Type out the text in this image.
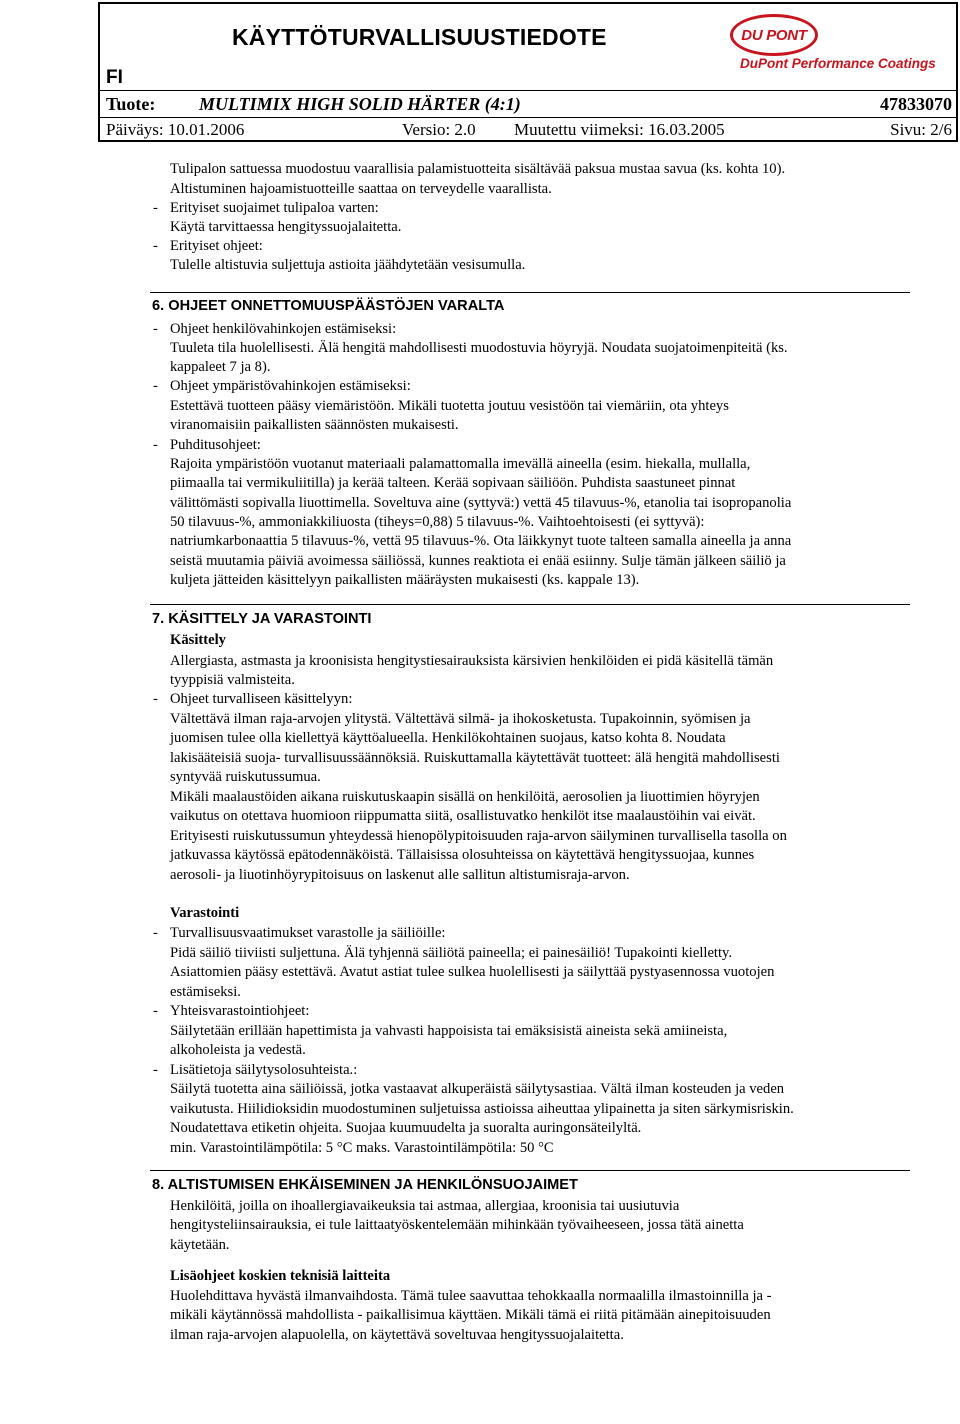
KÄYTTÖTURVALLISUUSTIEDOTE
FI
DU PONT
DuPont Performance Coatings
Tuote: MULTIMIX HIGH SOLID HÄRTER (4:1)	47833070
Päiväys: 10.01.2006	Versio: 2.0 Muutettu viimeksi: 16.03.2005	Sivu: 2/6
Tulipalon sattuessa muodostuu vaarallisia palamistuotteita sisältävää paksua mustaa savua (ks. kohta 10).
Altistuminen hajoamistuotteille saattaa on terveydelle vaarallista.
- Erityiset suojaimet tulipaloa varten:
Käytä tarvittaessa hengityssuojalaitetta.
- Erityiset ohjeet:
Tulelle altistuvia suljettuja astioita jäähdytetään vesisumulla.
6. OHJEET ONNETTOMUUSPÄÄSTÖJEN VARALTA
- Ohjeet henkilövahinkojen estämiseksi:
Tuuleta tila huolellisesti. Älä hengitä mahdollisesti muodostuvia höyryjä. Noudata suojatoimenpiteitä (ks.
kappaleet 7 ja 8).
- Ohjeet ympäristövahinkojen estämiseksi:
Estettävä tuotteen pääsy viemäristöön. Mikäli tuotetta joutuu vesistöön tai viemäriin, ota yhteys
viranomaisiin paikallisten säännösten mukaisesti.
- Puhditusohjeet:
Rajoita ympäristöön vuotanut materiaali palamattomalla imevällä aineella (esim. hiekalla, mullalla,
piimaalla tai vermikuliitilla) ja kerää talteen. Kerää sopivaan säiliöön. Puhdista saastuneet pinnat
välittömästi sopivalla liuottimella. Soveltuva aine (syttyvä:) vettä 45 tilavuus-%, etanolia tai isopropanolia
50 tilavuus-%, ammoniakkiliuosta (tiheys=0,88) 5 tilavuus-%. Vaihtoehtoisesti (ei syttyvä):
natriumkarbonaattia 5 tilavuus-%, vettä 95 tilavuus-%. Ota läikkynyt tuote talteen samalla aineella ja anna
seistä muutamia päiviä avoimessa säiliössä, kunnes reaktiota ei enää esiinny. Sulje tämän jälkeen säiliö ja
kuljeta jätteiden käsittelyyn paikallisten määräysten mukaisesti (ks. kappale 13).
7. KÄSITTELY JA VARASTOINTI
Käsittely
Allergiasta, astmasta ja kroonisista hengitystiesairauksista kärsivien henkilöiden ei pidä käsitellä tämän
tyyppisiä valmisteita.
- Ohjeet turvalliseen käsittelyyn:
Vältettävä ilman raja-arvojen ylitystä. Vältettävä silmä- ja ihokosketusta. Tupakoinnin, syömisen ja
juomisen tulee olla kiellettyä käyttöalueella. Henkilökohtainen suojaus, katso kohta 8. Noudata
lakisääteisiä suoja- turvallisuussäännöksiä. Ruiskuttamalla käytettävät tuotteet: älä hengitä mahdollisesti
syntyvää ruiskutussumua.
Mikäli maalaustöiden aikana ruiskutuskaapin sisällä on henkilöitä, aerosolien ja liuottimien höyryjen
vaikutus on otettava huomioon riippumatta siitä, osallistuvatko henkilöt itse maalaustöihin vai eivät.
Erityisesti ruiskutussumun yhteydessä hienopölypitoisuuden raja-arvon säilyminen turvallisella tasolla on
jatkuvassa käytössä epätodennäköistä. Tällaisissa olosuhteissa on käytettävä hengityssuojaa, kunnes
aerosoli- ja liuotinhöyrypitoisuus on laskenut alle sallitun altistumisraja-arvon.
Varastointi
- Turvallisuusvaatimukset varastolle ja säiliöille:
Pidä säiliö tiiviisti suljettuna. Älä tyhjennä säiliötä paineella; ei painesäiliö! Tupakointi kielletty.
Asiattomien pääsy estettävä. Avatut astiat tulee sulkea huolellisesti ja säilyttää pystyasennossa vuotojen
estämiseksi.
- Yhteisvarastointiohjeet:
Säilytetään erillään hapettimista ja vahvasti happoisista tai emäksisistä aineista sekä amiineista,
alkoholeista ja vedestä.
- Lisätietoja säilytysolosuhteista.:
Säilytä tuotetta aina säiliöissä, jotka vastaavat alkuperäistä säilytysastiaa. Vältä ilman kosteuden ja veden
vaikutusta. Hiilidioksidin muodostuminen suljetuissa astioissa aiheuttaa ylipainetta ja siten särkymisriskin.
Noudatettava etiketin ohjeita. Suojaa kuumuudelta ja suoralta auringonsäteilyltä.
min. Varastointilämpötila: 5 °C maks. Varastointilämpötila: 50 °C
8. ALTISTUMISEN EHKÄISEMINEN JA HENKILÖNSUOJAIMET
Henkilöitä, joilla on ihoallergiavaikeuksia tai astmaa, allergiaa, kroonisia tai uusiutuvia
hengitysteliinsairauksia, ei tule laittaatyöskentelemään mihinkään työvaiheeseen, jossa tätä ainetta
käytetään.
Lisäohjeet koskien teknisiä laitteita
Huolehdittava hyvästä ilmanvaihdosta. Tämä tulee saavuttaa tehokkaalla normaalilla ilmastoinnilla ja -
mikäli käytännössä mahdollista - paikallisimua käyttäen. Mikäli tämä ei riitä pitämään ainepitoisuuden
ilman raja-arvojen alapuolella, on käytettävä soveltuvaa hengityssuojalaitetta.
